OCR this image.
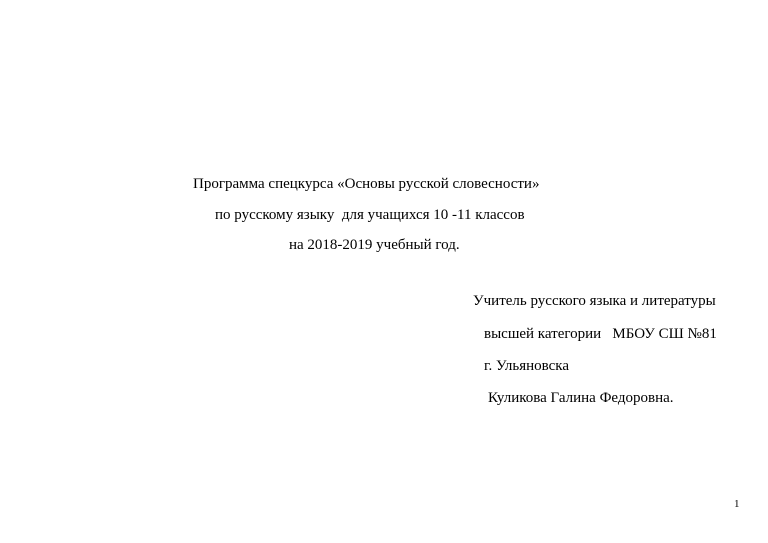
Программа спецкурса «Основы русской словесности»
по русскому языку  для учащихся 10 -11 классов
на 2018-2019 учебный год.
Учитель русского языка и литературы
высшей категории   МБОУ СШ №81
г. Ульяновска
Куликова Галина Федоровна.
1
